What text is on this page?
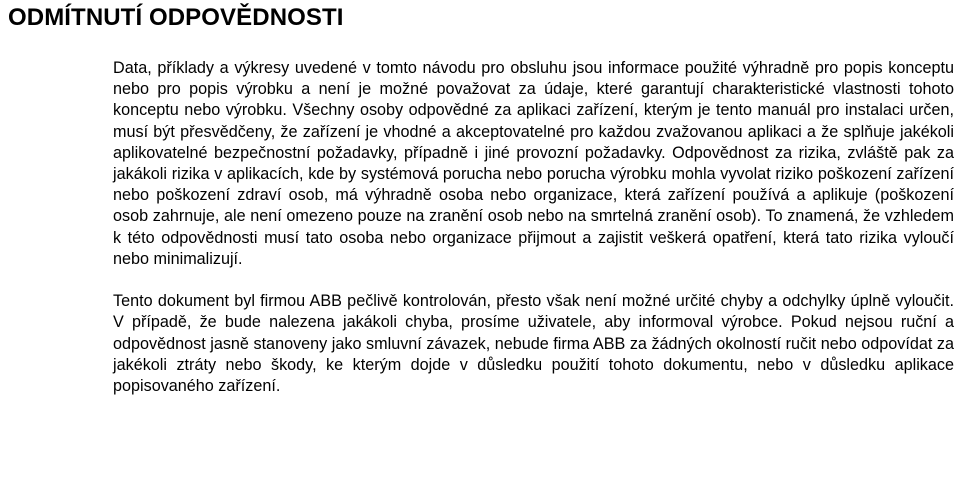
ODMÍTNUTÍ ODPOVĚDNOSTI

Data, příklady a výkresy uvedené v tomto návodu pro obsluhu jsou informace použité výhradně pro popis konceptu nebo pro popis výrobku a není je možné považovat za údaje, které garantují charakteristické vlastnosti tohoto konceptu nebo výrobku. Všechny osoby odpovědné za aplikaci zařízení, kterým je tento manuál pro instalaci určen, musí být přesvědčeny, že zařízení je vhodné a akceptovatelné pro každou zvažovanou aplikaci a že splňuje jakékoli aplikovatelné bezpečnostní požadavky, případně i jiné provozní požadavky. Odpovědnost za rizika, zvláště pak za jakákoli rizika v aplikacích, kde by systémová porucha nebo porucha výrobku mohla vyvolat riziko poškození zařízení nebo poškození zdraví osob, má výhradně osoba nebo organizace, která zařízení používá a aplikuje (poškození osob zahrnuje, ale není omezeno pouze na zranění osob nebo na smrtelná zranění osob). To znamená, že vzhledem k této odpovědnosti musí tato osoba nebo organizace přijmout a zajistit veškerá opatření, která tato rizika vyloučí nebo minimalizují.

Tento dokument byl firmou ABB pečlivě kontrolován, přesto však není možné určité chyby a odchylky úplně vyloučit. V případě, že bude nalezena jakákoli chyba, prosíme uživatele, aby informoval výrobce. Pokud nejsou ruční a odpovědnost jasně stanoveny jako smluvní závazek, nebude firma ABB za žádných okolností ručit nebo odpovídat za jakékoli ztráty nebo škody, ke kterým dojde v důsledku použití tohoto dokumentu, nebo v důsledku aplikace popisovaného zařízení.
